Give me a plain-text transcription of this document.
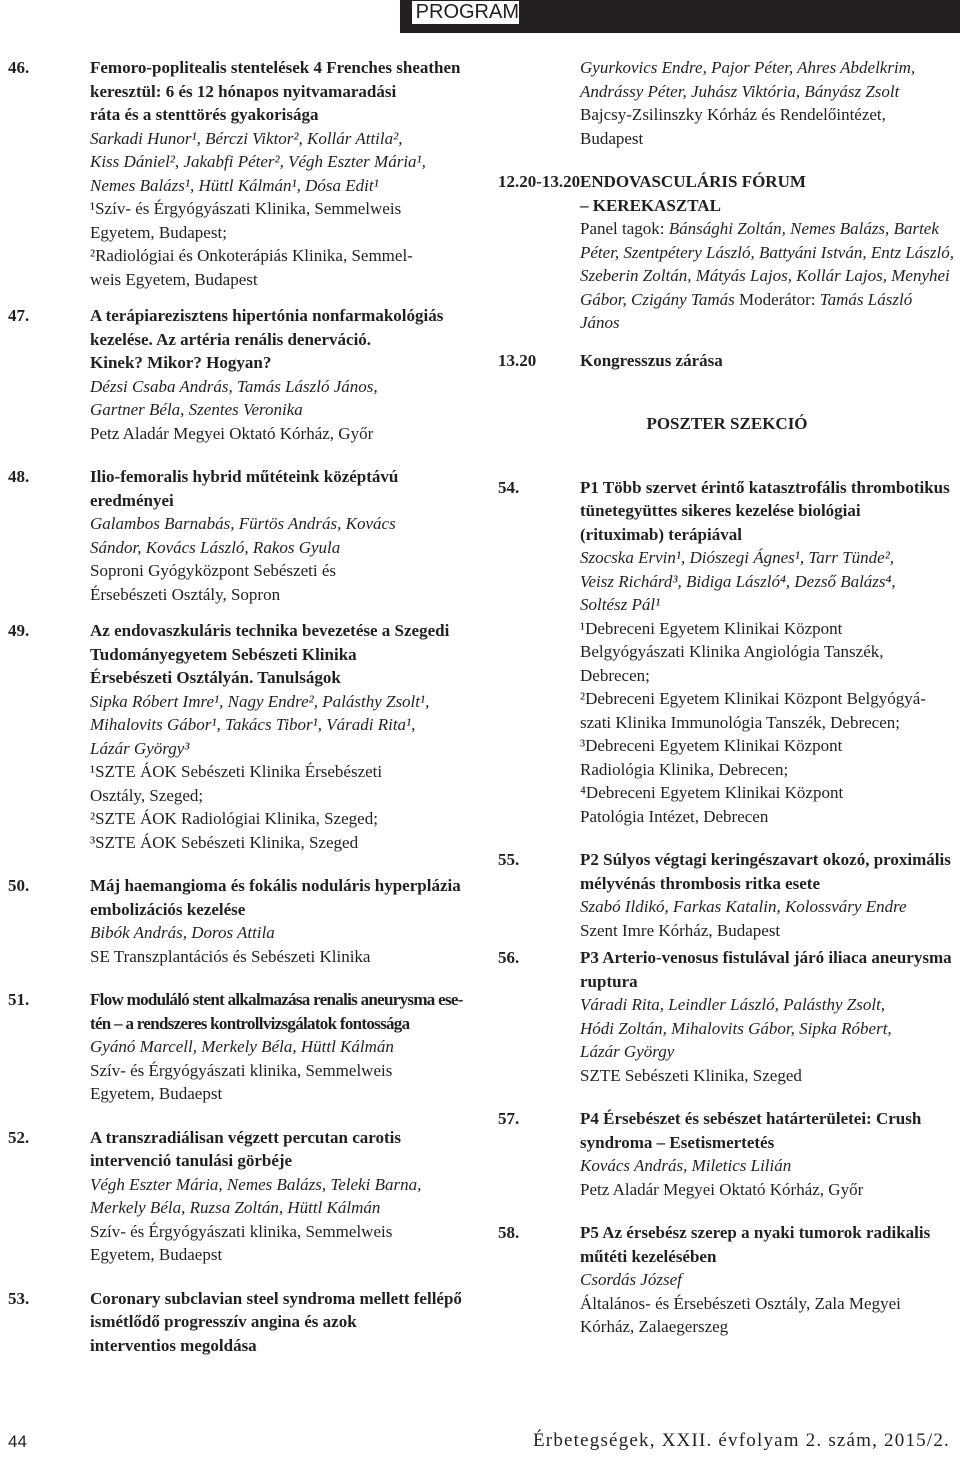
PROGRAM
46.	Femoro-poplitealis stentelések 4 Frenches sheathen
keresztül: 6 és 12 hónapos nyitvamaradási
ráta és a stenttörés gyakorisága
Sarkadi Hunor¹, Bérczi Viktor², Kollár Attila²,
Kiss Dániel², Jakabfi Péter², Végh Eszter Mária¹,
Nemes Balázs¹, Hüttl Kálmán¹, Dósa Edit¹
¹Szív- és Érgyógyászati Klinika, Semmelweis
Egyetem, Budapest;
²Radiológiai és Onkoterápiás Klinika, Semmel-
weis Egyetem, Budapest
47.	A terápiarezisztens hipertónia nonfarmakológiás
kezelése. Az artéria renális denerváció.
Kinek? Mikor? Hogyan?
Dézsi Csaba András, Tamás László János,
Gartner Béla, Szentes Veronika
Petz Aladár Megyei Oktató Kórház, Győr
48.	Ilio-femoralis hybrid műtéteink középtávú eredményei
Galambos Barnabás, Fürtös András, Kovács
Sándor, Kovács László, Rakos Gyula
Soproni Gyógyközpont Sebészeti és
Érsebészeti Osztály, Sopron
49.	Az endovaszkuláris technika bevezetése a Szegedi
Tudományegyetem Sebészeti Klinika
Érsebészeti Osztályán. Tanulságok
Sipka Róbert Imre¹, Nagy Endre², Palásthy Zsolt¹,
Mihalovits Gábor¹, Takács Tibor¹, Váradi Rita¹,
Lázár György³
¹SZTE ÁOK Sebészeti Klinika Érsebészeti
Osztály, Szeged;
²SZTE ÁOK Radiológiai Klinika, Szeged;
³SZTE ÁOK Sebészeti Klinika, Szeged
50.	Máj haemangioma és fokális noduláris hyperplázia
embolizációs kezelése
Bibók András, Doros Attila
SE Transzplantációs és Sebészeti Klinika
51.	Flow moduláló stent alkalmazása renalis aneurysma ese-
tén – a rendszeres kontrollvizsgálatok fontossága
Gyánó Marcell, Merkely Béla, Hüttl Kálmán
Szív- és Érgyógyászati klinika, Semmelweis
Egyetem, Budaepst
52.	A transzradiálisan végzett percutan carotis
intervenció tanulási görbéje
Végh Eszter Mária, Nemes Balázs, Teleki Barna,
Merkely Béla, Ruzsa Zoltán, Hüttl Kálmán
Szív- és Érgyógyászati klinika, Semmelweis
Egyetem, Budaepst
53.	Coronary subclavian steel syndroma mellett fellépő
ismétlődő progresszív angina és azok
interventios megoldása
Gyurkovics Endre, Pajor Péter, Ahres Abdelkrim,
Andrássy Péter, Juhász Viktória, Bányász Zsolt
Bajcsy-Zsilinszky Kórház és Rendelőintézet,
Budapest
12.20-13.20 ENDOVASCULÁRIS FÓRUM
– KEREKASZTAL
Panel tagok: Bánsághi Zoltán, Nemes Balázs, Bartek Péter, Szentpétery László, Battyáni István, Entz László, Szeberin Zoltán, Mátyás Lajos, Kollár Lajos, Menyhei Gábor, Czigány Tamás Moderátor: Tamás László János
13.20	Kongresszus zárása
POSZTER SZEKCIÓ
54.	P1 Több szervet érintő katasztrofális thrombotikus
tünetegyüttes sikeres kezelése biológiai
(rituximab) terápiával
Szocska Ervin¹, Diószegi Ágnes¹, Tarr Tünde²,
Veisz Richárd³, Bidiga László⁴, Dezső Balázs⁴,
Soltész Pál¹
¹Debreceni Egyetem Klinikai Központ
Belgyógyászati Klinika Angiológia Tanszék,
Debrecen;
²Debreceni Egyetem Klinikai Központ Belgyógyá-
szati Klinika Immunológia Tanszék, Debrecen;
³Debreceni Egyetem Klinikai Központ
Radiológia Klinika, Debrecen;
⁴Debreceni Egyetem Klinikai Központ
Patológia Intézet, Debrecen
55.	P2 Súlyos végtagi keringészavart okozó, proximális
mélyvénás thrombosis ritka esete
Szabó Ildikó, Farkas Katalin, Kolossváry Endre
Szent Imre Kórház, Budapest
56.	P3 Arterio-venosus fistulával járó iliaca aneurysma
ruptura
Váradi Rita, Leindler László, Palásthy Zsolt,
Hódi Zoltán, Mihalovits Gábor, Sipka Róbert,
Lázár György
SZTE Sebészeti Klinika, Szeged
57.	P4 Érsebészet és sebészet határterületei: Crush
syndroma – Esetismertetés
Kovács András, Miletics Lilián
Petz Aladár Megyei Oktató Kórház, Győr
58.	P5 Az érsebész szerep a nyaki tumorok radikalis
műtéti kezelésében
Csordás József
Általános- és Érsebészeti Osztály, Zala Megyei
Kórház, Zalaegerszeg
44	Érbetegségek, XXII. évfolyam 2. szám, 2015/2.
